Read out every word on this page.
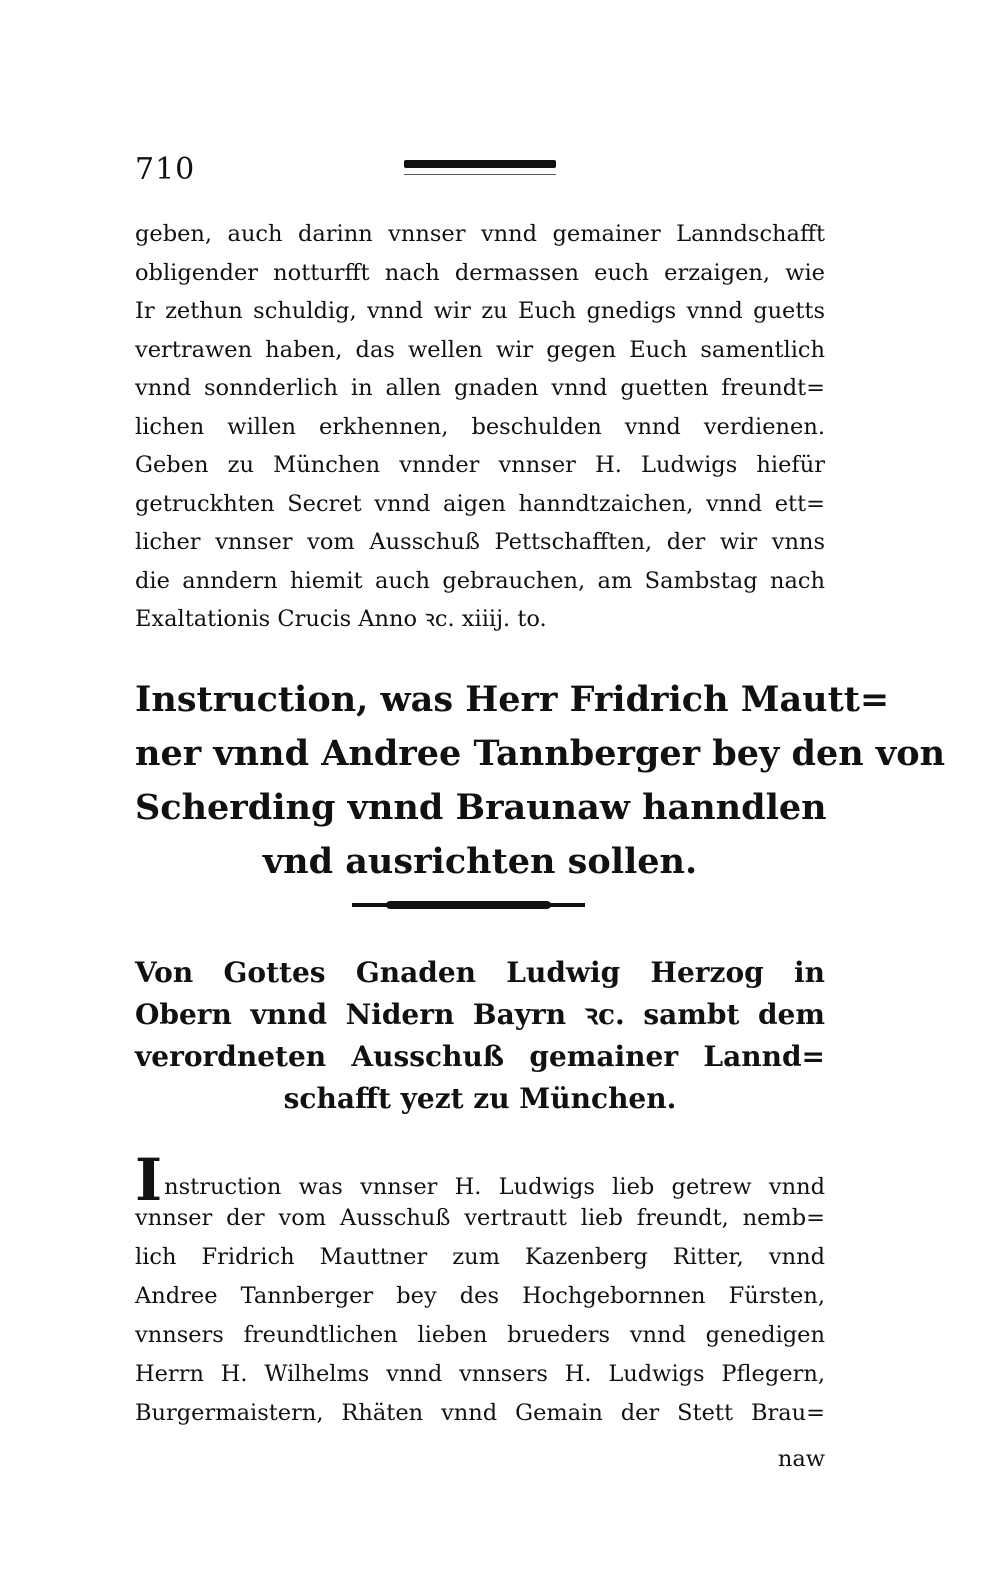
710
geben, auch darinn vnnser vnnd gemainer Lanndschafft
obligender notturfft nach dermassen euch erzaigen, wie
Ir zethun schuldig, vnnd wir zu Euch gnedigs vnnd guetts
vertrawen haben, das wellen wir gegen Euch samentlich
vnnd sonnderlich in allen gnaden vnnd guetten freundt=
lichen willen erkhennen, beschulden vnnd verdienen.
Geben zu München vnnder vnnser H. Ludwigs hiefür
getruckhten Secret vnnd aigen hanndtzaichen, vnnd ett=
licher vnnser vom Ausschuß Pettschafften, der wir vnns
die anndern hiemit auch gebrauchen, am Sambstag nach
Exaltationis Crucis Anno ꝛc. xiiij. to.
Instruction, was Herr Fridrich Mautt=
ner vnnd Andree Tannberger bey den von
Scherding vnnd Braunaw hanndlen
vnd ausrichten sollen.
Von Gottes Gnaden Ludwig Herzog in
Obern vnnd Nidern Bayrn ꝛc. sambt dem
verordneten Ausschuß gemainer Lannd=
schafft yezt zu München.
Instruction was vnnser H. Ludwigs lieb getrew vnnd
vnnser der vom Ausschuß vertrautt lieb freundt, nemb=
lich Fridrich Mauttner zum Kazenberg Ritter, vnnd
Andree Tannberger bey des Hochgebornnen Fürsten,
vnnsers freundtlichen lieben brueders vnnd genedigen
Herrn H. Wilhelms vnnd vnnsers H. Ludwigs Pflegern,
Burgermaistern, Rhäten vnnd Gemain der Stett Brau=
naw
